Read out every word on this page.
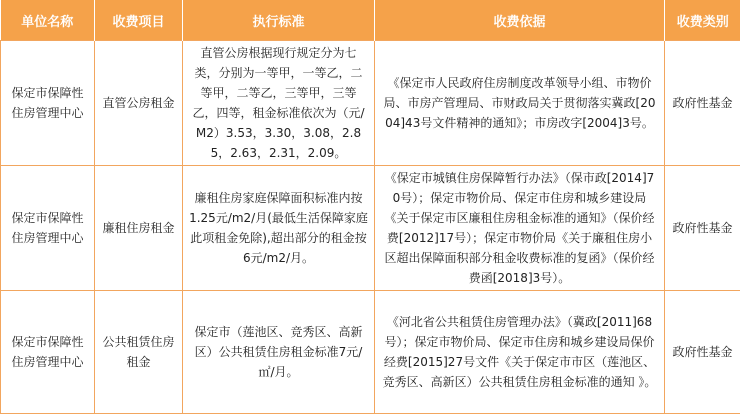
单位名称	收费项目	执行标准	收费依据	收费类别
保定市保障性住房管理中心	直管公房租金	直管公房根据现行规定分为七类，分别为一等甲，一等乙，二等甲，二等乙，三等甲，三等乙，四等，租金标准依次为（元/M2）3.53，3.30，3.08，2.85，2.63，2.31，2.09。	《保定市人民政府住房制度改革领导小组、市物价局、市房产管理局、市财政局关于贯彻落实冀政[2004]43号文件精神的通知》；市房改字[2004]3号。	政府性基金
保定市保障性住房管理中心	廉租住房租金	廉租住房家庭保障面积标准内按1.25元/m2/月(最低生活保障家庭此项租金免除),超出部分的租金按6元/m2/月。	《保定市城镇住房保障暂行办法》（保市政[2014]70号）；保定市物价局、保定市住房和城乡建设局《关于保定市区廉租住房租金标准的通知》（保价经费[2012]17号）；保定市物价局《关于廉租住房小区超出保障面积部分租金收费标准的复函》（保价经费函[2018]3号）。	政府性基金
保定市保障性住房管理中心	公共租赁住房租金	保定市（莲池区、竞秀区、高新区）公共租赁住房租金标准7元/㎡/月。	《河北省公共租赁住房管理办法》（冀政[2011]68号）；保定市物价局、保定市住房和城乡建设局保价经费[2015]27号文件《关于保定市市区（莲池区、竞秀区、高新区）公共租赁住房租金标准的通知 》。	政府性基金
